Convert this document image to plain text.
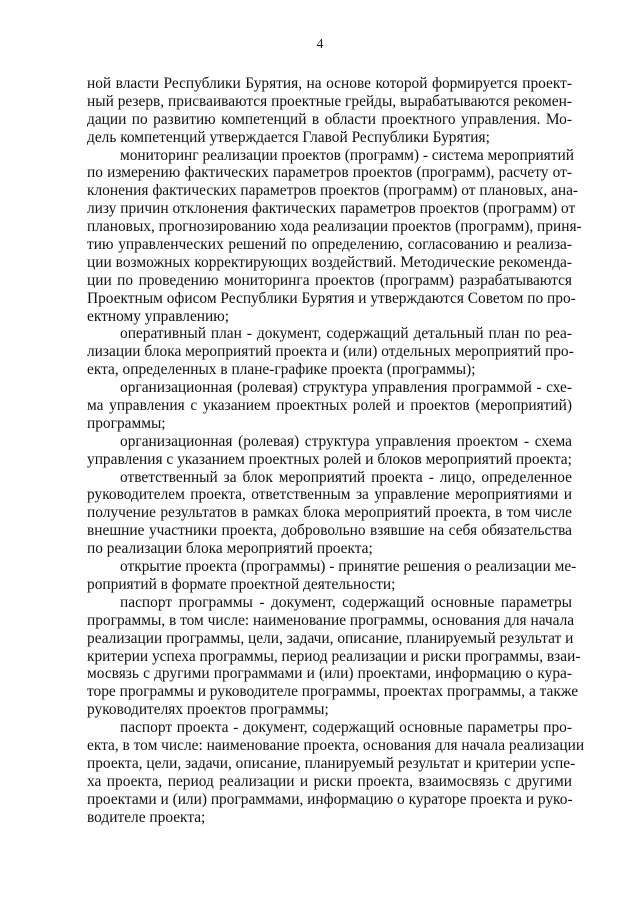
4
ной власти Республики Бурятия, на основе которой формируется проект-
ный резерв, присваиваются проектные грейды, вырабатываются рекомен-
дации по развитию компетенций в области проектного управления. Мо-
дель компетенций утверждается Главой Республики Бурятия;
мониторинг реализации проектов (программ) - система мероприятий
по измерению фактических параметров проектов (программ), расчету от-
клонения фактических параметров проектов (программ) от плановых, ана-
лизу причин отклонения фактических параметров проектов (программ) от
плановых, прогнозированию хода реализации проектов (программ), приня-
тию управленческих решений по определению, согласованию и реализа-
ции возможных корректирующих воздействий. Методические рекоменда-
ции по проведению мониторинга проектов (программ) разрабатываются
Проектным офисом Республики Бурятия и утверждаются Советом по про-
ектному управлению;
оперативный план - документ, содержащий детальный план по реа-
лизации блока мероприятий проекта и (или) отдельных мероприятий про-
екта, определенных в плане-графике проекта (программы);
организационная (ролевая) структура управления программой - схе-
ма управления с указанием проектных ролей и проектов (мероприятий)
программы;
организационная (ролевая) структура управления проектом - схема
управления с указанием проектных ролей и блоков мероприятий проекта;
ответственный за блок мероприятий проекта - лицо, определенное
руководителем проекта, ответственным за управление мероприятиями и
получение результатов в рамках блока мероприятий проекта, в том числе
внешние участники проекта, добровольно взявшие на себя обязательства
по реализации блока мероприятий проекта;
открытие проекта (программы) - принятие решения о реализации ме-
роприятий в формате проектной деятельности;
паспорт программы - документ, содержащий основные параметры
программы, в том числе: наименование программы, основания для начала
реализации программы, цели, задачи, описание, планируемый результат и
критерии успеха программы, период реализации и риски программы, взаи-
мосвязь с другими программами и (или) проектами, информацию о кура-
торе программы и руководителе программы, проектах программы, а также
руководителях проектов программы;
паспорт проекта - документ, содержащий основные параметры про-
екта, в том числе: наименование проекта, основания для начала реализации
проекта, цели, задачи, описание, планируемый результат и критерии успе-
ха проекта, период реализации и риски проекта, взаимосвязь с другими
проектами и (или) программами, информацию о кураторе проекта и руко-
водителе проекта;
